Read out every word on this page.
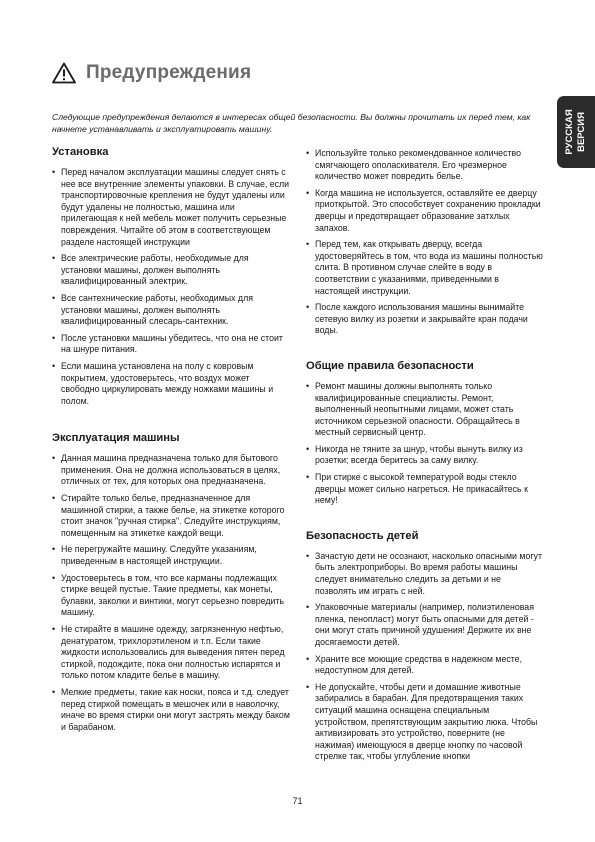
Предупреждения
Следующие предупреждения делаются в интересах общей безопасности. Вы должны прочитать их перед тем, как начнете устанавливать и эксплуатировать машину.	РУССКАЯ ВЕРСИЯ
Установка
• Перед началом эксплуатации машины следует снять с нее все внутренние элементы упаковки. В случае, если транспортировочные крепления не будут удалены или будут удалены не полностью, машина или прилегающая к ней мебель может получить серьезные повреждения. Читайте об этом в соответствующем разделе настоящей инструкции
• Все электрические работы, необходимые для установки машины, должен выполнять квалифицированный электрик.
• Все сантехнические работы, необходимых для установки машины, должен выполнять квалифицированный слесарь-сантехник.
• После установки машины убедитесь, что она не стоит на шнуре питания.
• Если машина установлена на полу с ковровым покрытием, удостоверьтесь, что воздух может свободно циркулировать между ножками машины и полом.
Эксплуатация машины
• Данная машина предназначена только для бытового применения. Она не должна использоваться в целях, отличных от тех, для которых она предназначена.
• Стирайте только белье, предназначенное для машинной стирки, а также белье, на этикетке которого стоит значок "ручная стирка". Следуйте инструкциям, помещенным на этикетке каждой вещи.
• Не перегружайте машину. Следуйте указаниям, приведенным в настоящей инструкции.
• Удостоверьтесь в том, что все карманы подлежащих стирке вещей пустые. Такие предметы, как монеты, булавки, заколки и винтики, могут серьезно повредить машину.
• Не стирайте в машине одежду, загрязненную нефтью, денатуратом, трихлорэтиленом и т.п. Если такие жидкости использовались для выведения пятен перед стиркой, подождите, пока они полностью испарятся и только потом кладите белье в машину.
• Мелкие предметы, такие как носки, пояса и т.д. следует перед стиркой помещать в мешочек или в наволочку, иначе во время стирки они могут застрять между баком и барабаном.
• Используйте только рекомендованное количество смягчающего ополаскивателя. Его чрезмерное количество может повредить белье.
• Когда машина не используется, оставляйте ее дверцу приоткрытой. Это способствует сохранению прокладки дверцы и предотвращает образование затхлых запахов.
• Перед тем, как открывать дверцу, всегда удостоверяйтесь в том, что вода из машины полностью слита. В противном случае слейте в воду в соответствии с указаниями, приведенными в настоящей инструкции.
• После каждого использования машины вынимайте сетевую вилку из розетки и закрывайте кран подачи воды.
Общие правила безопасности
• Ремонт машины должны выполнять только квалифицированные специалисты. Ремонт, выполненный неопытными лицами, может стать источником серьезной опасности. Обращайтесь в местный сервисный центр.
• Никогда не тяните за шнур, чтобы вынуть вилку из розетки; всегда беритесь за саму вилку.
• При стирке с высокой температурой воды стекло дверцы может сильно нагреться. Не прикасайтесь к нему!
Безопасность детей
• Зачастую дети не осознают, насколько опасными могут быть электроприборы. Во время работы машины следует внимательно следить за детьми и не позволять им играть с ней.
• Упаковочные материалы (например, полиэтиленовая пленка, пенопласт) могут быть опасными для детей - они могут стать причиной удушения! Держите их вне досягаемости детей.
• Храните все моющие средства в надежном месте, недоступном для детей.
• Не допускайте, чтобы дети и домашние животные забирались в барабан. Для предотвращения таких ситуаций машина оснащена специальным устройством, препятствующим закрытию люка. Чтобы активизировать это устройство, поверните (не нажимая) имеющуюся в дверце кнопку по часовой стрелке так, чтобы углубление кнопки
71
